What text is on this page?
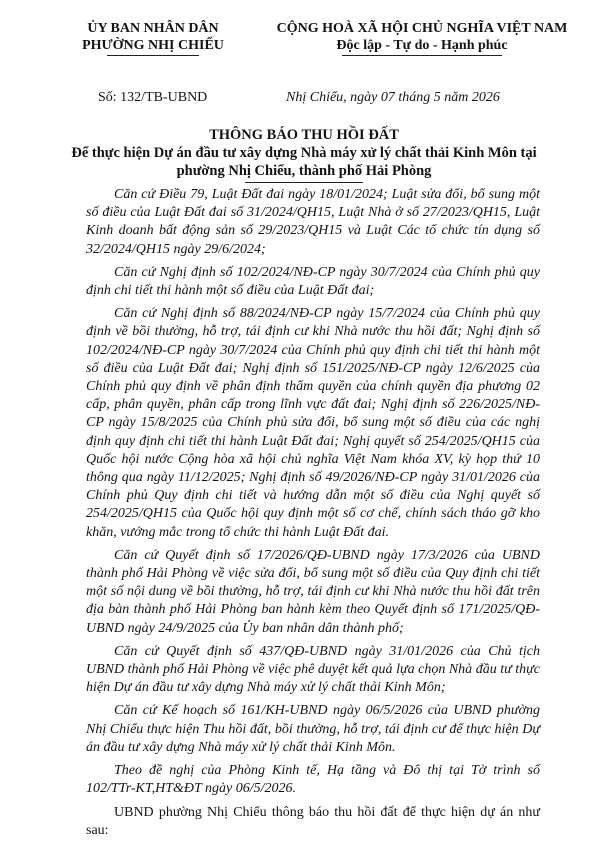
ỦY BAN NHÂN DÂN
PHƯỜNG NHỊ CHIỂU
CỘNG HOÀ XÃ HỘI CHỦ NGHĨA VIỆT NAM
Độc lập - Tự do - Hạnh phúc
Số: 132/TB-UBND	Nhị Chiểu, ngày 07 tháng 5 năm 2026
THÔNG BÁO THU HỒI ĐẤT
Để thực hiện Dự án đầu tư xây dựng Nhà máy xử lý chất thải Kinh Môn tại
phường Nhị Chiểu, thành phố Hải Phòng

Căn cứ Điều 79, Luật Đất đai ngày 18/01/2024; Luật sửa đổi, bổ sung một số điều của Luật Đất đai số 31/2024/QH15, Luật Nhà ở số 27/2023/QH15, Luật Kinh doanh bất động sản số 29/2023/QH15 và Luật Các tổ chức tín dụng số 32/2024/QH15 ngày 29/6/2024;

Căn cứ Nghị định số 102/2024/NĐ-CP ngày 30/7/2024 của Chính phủ quy định chi tiết thi hành một số điều của Luật Đất đai;

Căn cứ Nghị định số 88/2024/NĐ-CP ngày 15/7/2024 của Chính phủ quy định về bồi thường, hỗ trợ, tái định cư khi Nhà nước thu hồi đất; Nghị định số 102/2024/NĐ-CP ngày 30/7/2024 của Chính phủ quy định chi tiết thi hành một số điều của Luật Đất đai; Nghị định số 151/2025/NĐ-CP ngày 12/6/2025 của Chính phủ quy định về phân định thẩm quyền của chính quyền địa phương 02 cấp, phân quyền, phân cấp trong lĩnh vực đất đai; Nghị định số 226/2025/NĐ-CP ngày 15/8/2025 của Chính phủ sửa đổi, bổ sung một số điều của các nghị định quy định chi tiết thi hành Luật Đất đai; Nghị quyết số 254/2025/QH15 của Quốc hội nước Cộng hòa xã hội chủ nghĩa Việt Nam khóa XV, kỳ họp thứ 10 thông qua ngày 11/12/2025; Nghị định số 49/2026/NĐ-CP ngày 31/01/2026 của Chính phủ Quy định chi tiết và hướng dẫn một số điều của Nghị quyết số 254/2025/QH15 của Quốc hội quy định một số cơ chế, chính sách tháo gỡ kho khăn, vướng mắc trong tổ chức thi hành Luật Đất đai.

Căn cứ Quyết định số 17/2026/QĐ-UBND ngày 17/3/2026 của UBND thành phố Hải Phòng về việc sửa đổi, bổ sung một số điều của Quy định chi tiết một số nội dung về bồi thường, hỗ trợ, tái định cư khi Nhà nước thu hồi đất trên địa bàn thành phố Hải Phòng ban hành kèm theo Quyết định số 171/2025/QĐ-UBND ngày 24/9/2025 của Ủy ban nhân dân thành phố;

Căn cứ Quyết định số 437/QĐ-UBND ngày 31/01/2026 của Chủ tịch UBND thành phố Hải Phòng về việc phê duyệt kết quả lựa chọn Nhà đầu tư thực hiện Dự án đầu tư xây dựng Nhà máy xử lý chất thải Kinh Môn;

Căn cứ Kế hoạch số 161/KH-UBND ngày 06/5/2026 của UBND phường Nhị Chiểu thực hiện Thu hồi đất, bồi thường, hỗ trợ, tái định cư để thực hiện Dự án đầu tư xây dựng Nhà máy xử lý chất thải Kinh Môn.

Theo đề nghị của Phòng Kinh tế, Hạ tầng và Đô thị tại Tờ trình số 102/TTr-KT,HT&ĐT ngày 06/5/2026.

UBND phường Nhị Chiểu thông báo thu hồi đất để thực hiện dự án như sau:
